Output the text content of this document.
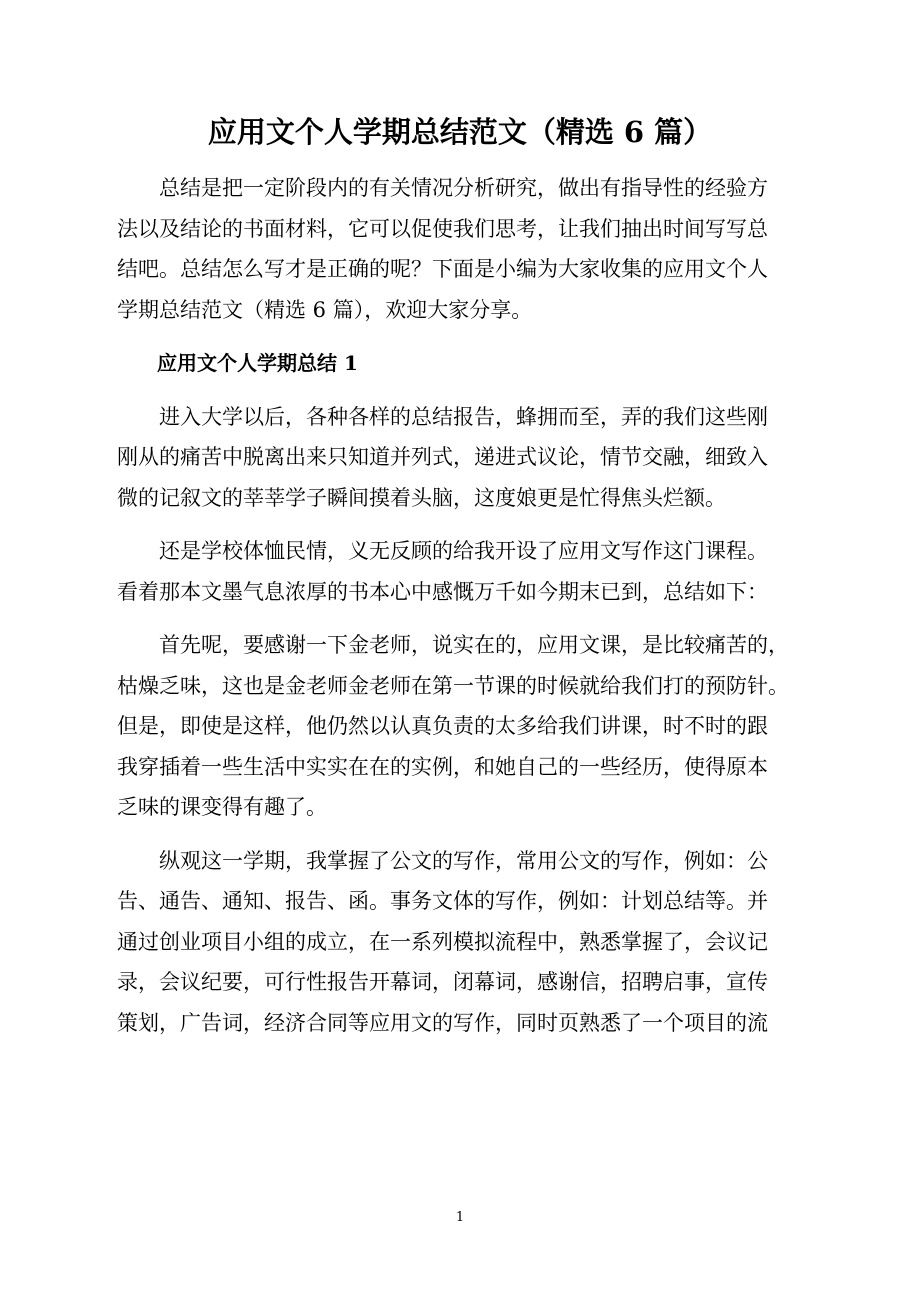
应用文个人学期总结范文（精选 6 篇）

总结是把一定阶段内的有关情况分析研究，做出有指导性的经验方
法以及结论的书面材料，它可以促使我们思考，让我们抽出时间写写总
结吧。总结怎么写才是正确的呢？下面是小编为大家收集的应用文个人
学期总结范文（精选 6 篇），欢迎大家分享。

应用文个人学期总结 1

进入大学以后，各种各样的总结报告，蜂拥而至，弄的我们这些刚
刚从的痛苦中脱离出来只知道并列式，递进式议论，情节交融，细致入
微的记叙文的莘莘学子瞬间摸着头脑，这度娘更是忙得焦头烂额。

还是学校体恤民情，义无反顾的给我开设了应用文写作这门课程。
看着那本文墨气息浓厚的书本心中感慨万千如今期末已到，总结如下：

首先呢，要感谢一下金老师，说实在的，应用文课，是比较痛苦的，
枯燥乏味，这也是金老师金老师在第一节课的时候就给我们打的预防针。
但是，即使是这样，他仍然以认真负责的太多给我们讲课，时不时的跟
我穿插着一些生活中实实在在的实例，和她自己的一些经历，使得原本
乏味的课变得有趣了。

纵观这一学期，我掌握了公文的写作，常用公文的写作，例如：公
告、通告、通知、报告、函。事务文体的写作，例如：计划总结等。并
通过创业项目小组的成立，在一系列模拟流程中，熟悉掌握了，会议记
录，会议纪要，可行性报告开幕词，闭幕词，感谢信，招聘启事，宣传
策划，广告词，经济合同等应用文的写作，同时页熟悉了一个项目的流

1
